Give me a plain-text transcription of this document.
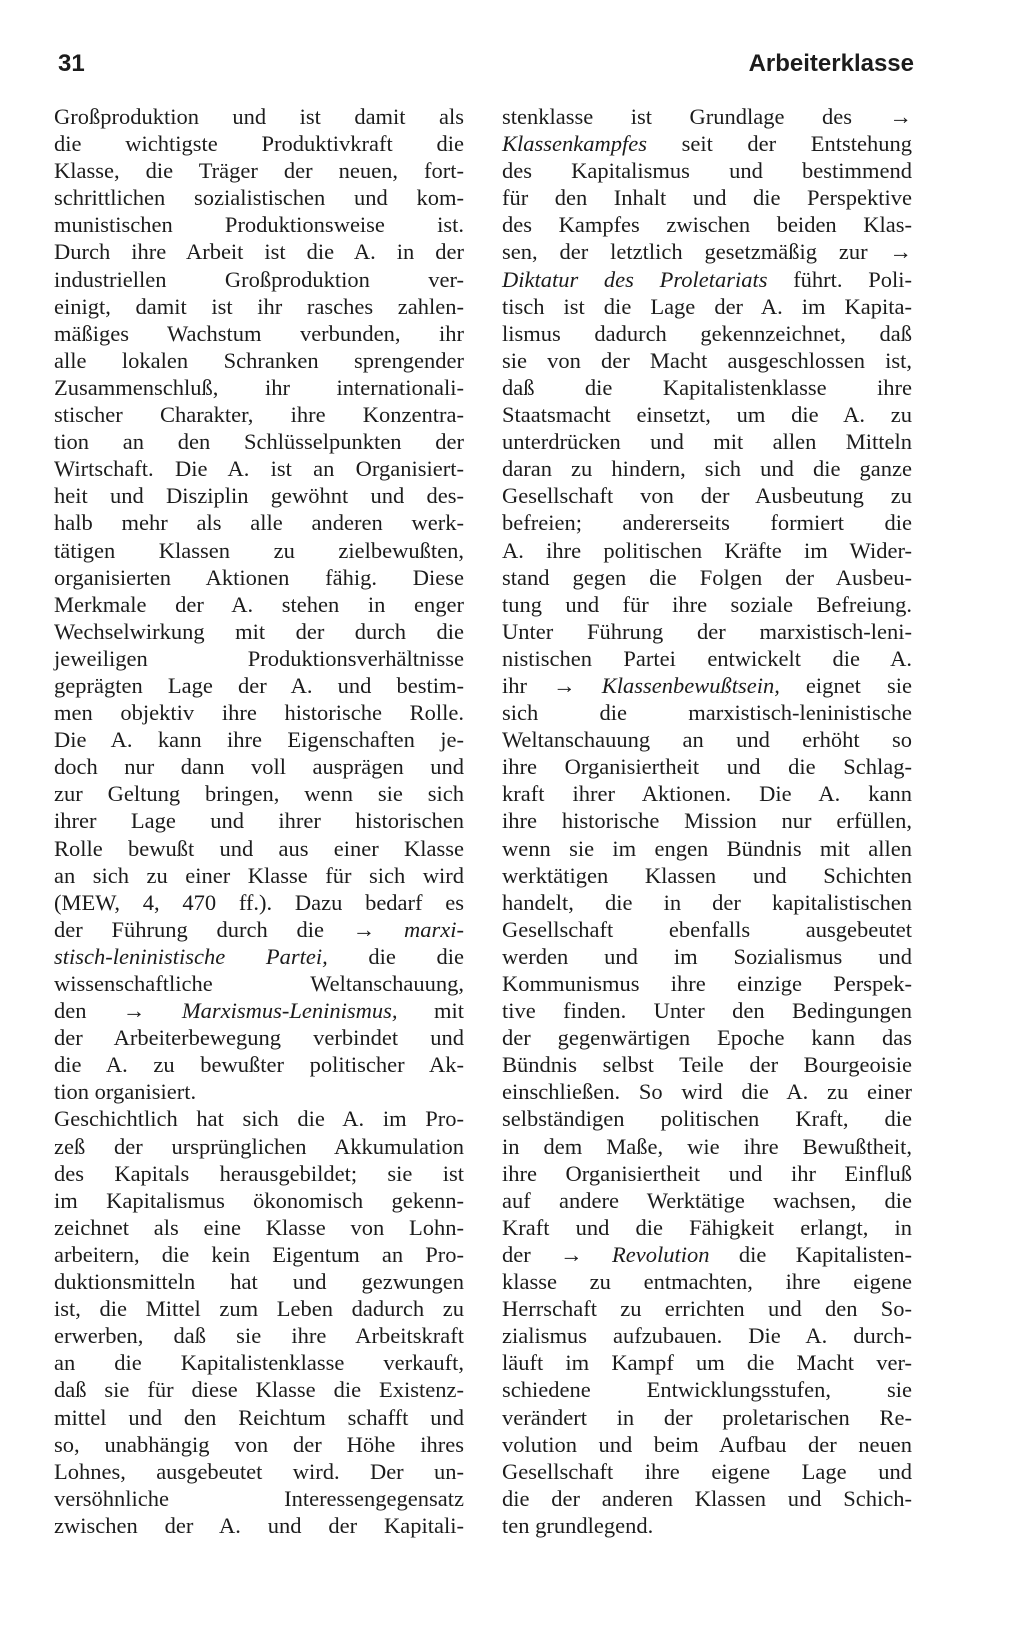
31	Arbeiterklasse
Großproduktion und ist damit als
die wichtigste Produktivkraft die
Klasse, die Träger der neuen, fort-
schrittlichen sozialistischen und kom-
munistischen Produktionsweise ist.
Durch ihre Arbeit ist die A. in der
industriellen Großproduktion ver-
einigt, damit ist ihr rasches zahlen-
mäßiges Wachstum verbunden, ihr
alle lokalen Schranken sprengender
Zusammenschluß, ihr internationali-
stischer Charakter, ihre Konzentra-
tion an den Schlüsselpunkten der
Wirtschaft. Die A. ist an Organisiert-
heit und Disziplin gewöhnt und des-
halb mehr als alle anderen werk-
tätigen Klassen zu zielbewußten,
organisierten Aktionen fähig. Diese
Merkmale der A. stehen in enger
Wechselwirkung mit der durch die
jeweiligen Produktionsverhältnisse
geprägten Lage der A. und bestim-
men objektiv ihre historische Rolle.
Die A. kann ihre Eigenschaften je-
doch nur dann voll ausprägen und
zur Geltung bringen, wenn sie sich
ihrer Lage und ihrer historischen
Rolle bewußt und aus einer Klasse
an sich zu einer Klasse für sich wird
(MEW, 4, 470 ff.). Dazu bedarf es
der Führung durch die → marxi-
stisch-leninistische Partei, die die
wissenschaftliche Weltanschauung,
den → Marxismus-Leninismus, mit
der Arbeiterbewegung verbindet und
die A. zu bewußter politischer Ak-
tion organisiert.
Geschichtlich hat sich die A. im Pro-
zeß der ursprünglichen Akkumulation
des Kapitals herausgebildet; sie ist
im Kapitalismus ökonomisch gekenn-
zeichnet als eine Klasse von Lohn-
arbeitern, die kein Eigentum an Pro-
duktionsmitteln hat und gezwungen
ist, die Mittel zum Leben dadurch zu
erwerben, daß sie ihre Arbeitskraft
an die Kapitalistenklasse verkauft,
daß sie für diese Klasse die Existenz-
mittel und den Reichtum schafft und
so, unabhängig von der Höhe ihres
Lohnes, ausgebeutet wird. Der un-
versöhnliche Interessengegensatz
zwischen der A. und der Kapitali-
stenklasse ist Grundlage des →
Klassenkampfes seit der Entstehung
des Kapitalismus und bestimmend
für den Inhalt und die Perspektive
des Kampfes zwischen beiden Klas-
sen, der letztlich gesetzmäßig zur →
Diktatur des Proletariats führt. Poli-
tisch ist die Lage der A. im Kapita-
lismus dadurch gekennzeichnet, daß
sie von der Macht ausgeschlossen ist,
daß die Kapitalistenklasse ihre
Staatsmacht einsetzt, um die A. zu
unterdrücken und mit allen Mitteln
daran zu hindern, sich und die ganze
Gesellschaft von der Ausbeutung zu
befreien; andererseits formiert die
A. ihre politischen Kräfte im Wider-
stand gegen die Folgen der Ausbeu-
tung und für ihre soziale Befreiung.
Unter Führung der marxistisch-leni-
nistischen Partei entwickelt die A.
ihr → Klassenbewußtsein, eignet sie
sich die marxistisch-leninistische
Weltanschauung an und erhöht so
ihre Organisiertheit und die Schlag-
kraft ihrer Aktionen. Die A. kann
ihre historische Mission nur erfüllen,
wenn sie im engen Bündnis mit allen
werktätigen Klassen und Schichten
handelt, die in der kapitalistischen
Gesellschaft ebenfalls ausgebeutet
werden und im Sozialismus und
Kommunismus ihre einzige Perspek-
tive finden. Unter den Bedingungen
der gegenwärtigen Epoche kann das
Bündnis selbst Teile der Bourgeoisie
einschließen. So wird die A. zu einer
selbständigen politischen Kraft, die
in dem Maße, wie ihre Bewußtheit,
ihre Organisiertheit und ihr Einfluß
auf andere Werktätige wachsen, die
Kraft und die Fähigkeit erlangt, in
der → Revolution die Kapitalisten-
klasse zu entmachten, ihre eigene
Herrschaft zu errichten und den So-
zialismus aufzubauen. Die A. durch-
läuft im Kampf um die Macht ver-
schiedene Entwicklungsstufen, sie
verändert in der proletarischen Re-
volution und beim Aufbau der neuen
Gesellschaft ihre eigene Lage und
die der anderen Klassen und Schich-
ten grundlegend.
